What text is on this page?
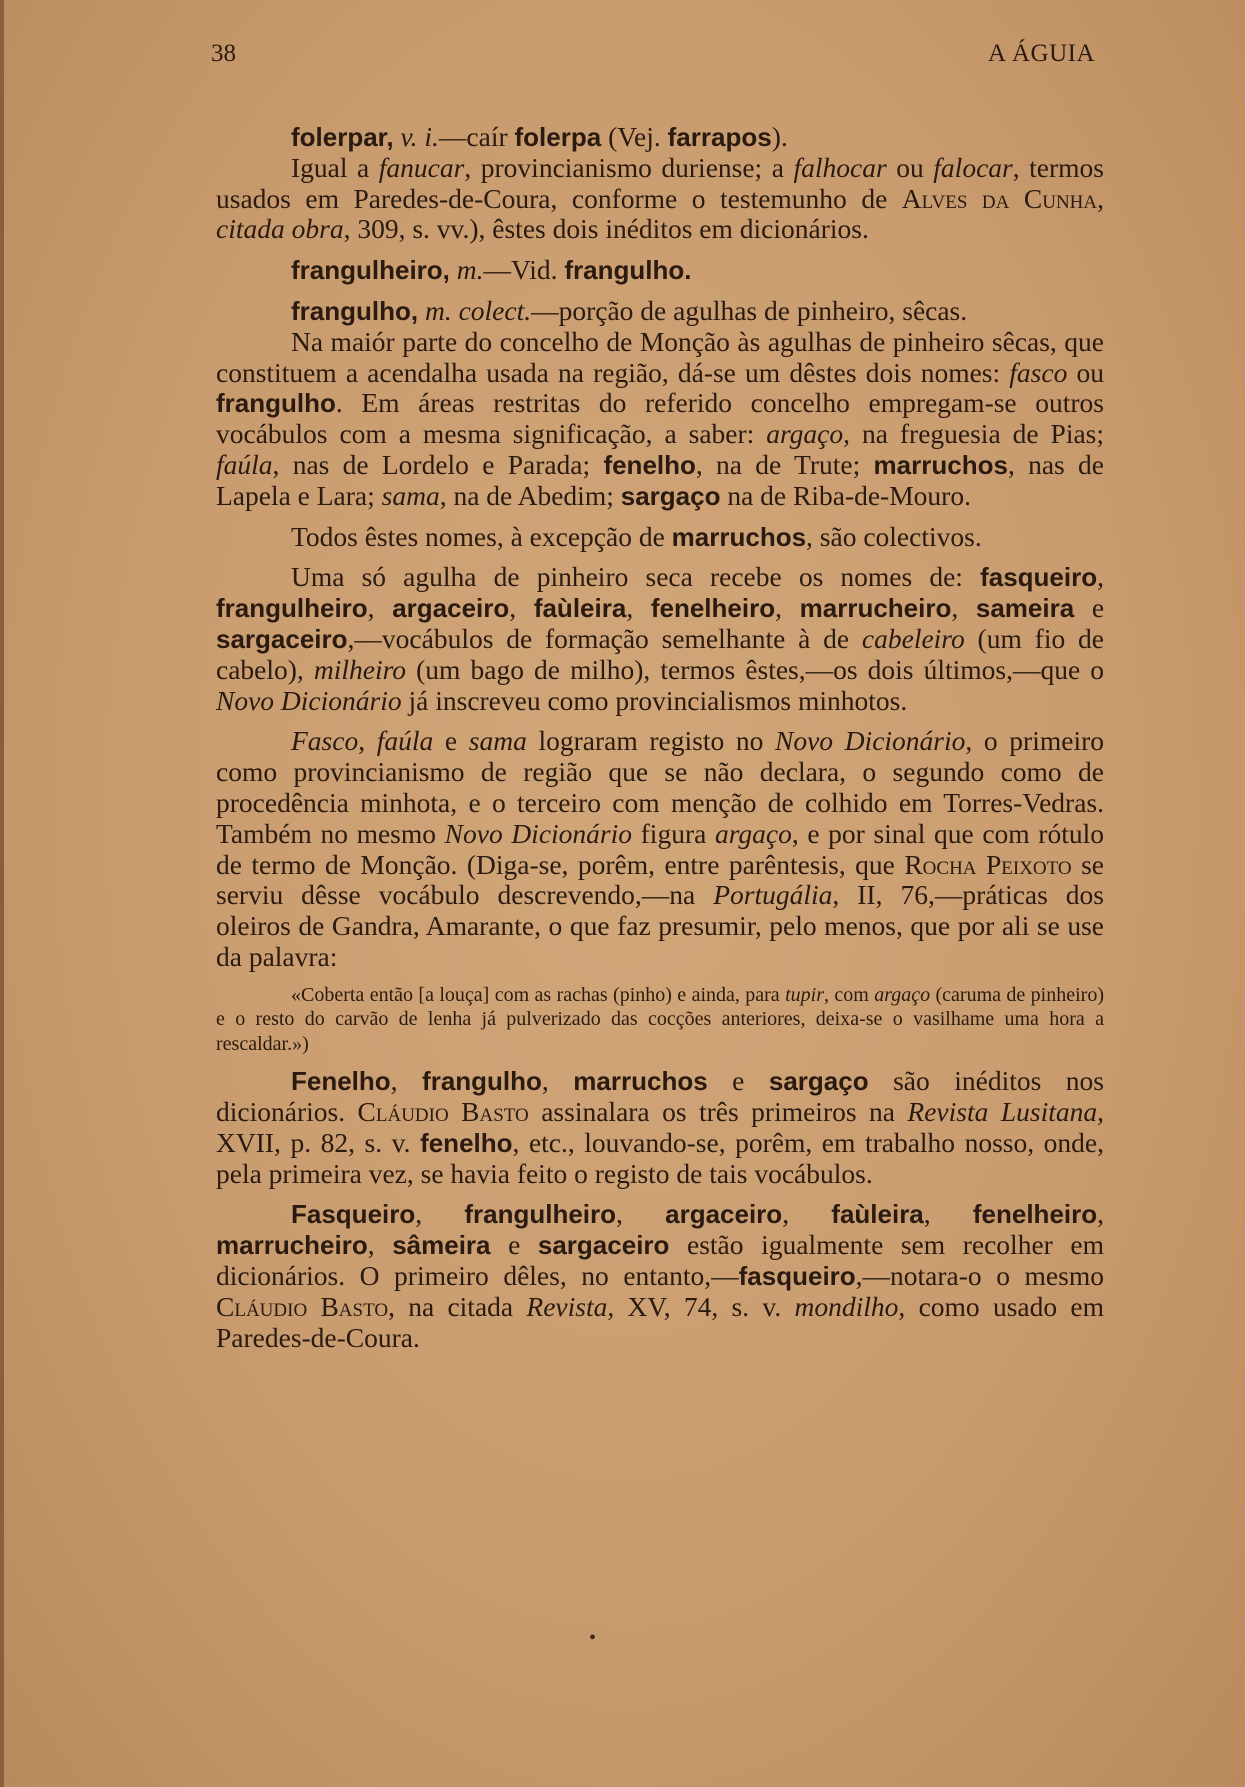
38	A ÁGUIA

folerpar, v. i.—caír folerpa (Vej. farrapos).

Igual a fanucar, provincianismo duriense; a falhocar ou falocar, termos usados em Paredes-de-Coura, conforme o testemunho de Alves da Cunha, citada obra, 309, s. vv.), êstes dois inéditos em dicionários.

frangulheiro, m.—Vid. frangulho.

frangulho, m. colect.—porção de agulhas de pinheiro, sêcas.

Na maiór parte do concelho de Monção às agulhas de pinheiro sêcas, que constituem a acendalha usada na região, dá-se um dêstes dois nomes: fasco ou frangulho. Em áreas restritas do referido concelho empregam-se outros vocábulos com a mesma significação, a saber: argaço, na freguesia de Pias; faúla, nas de Lordelo e Parada; fenelho, na de Trute; marruchos, nas de Lapela e Lara; sama, na de Abedim; sargaço na de Riba-de-Mouro.

Todos êstes nomes, à excepção de marruchos, são colectivos.

Uma só agulha de pinheiro seca recebe os nomes de: fasqueiro, frangulheiro, argaceiro, faùleira, fenelheiro, marrucheiro, sameira e sargaceiro,—vocábulos de formação semelhante à de cabeleiro (um fio de cabelo), milheiro (um bago de milho), termos êstes,—os dois últimos,—que o Novo Dicionário já inscreveu como provincialismos minhotos.

Fasco, faúla e sama lograram registo no Novo Dicionário, o primeiro como provincianismo de região que se não declara, o segundo como de procedência minhota, e o terceiro com menção de colhido em Torres-Vedras. Também no mesmo Novo Dicionário figura argaço, e por sinal que com rótulo de termo de Monção. (Diga-se, porêm, entre parêntesis, que Rocha Peixoto se serviu dêsse vocábulo descrevendo,—na Portugália, II, 76,—práticas dos oleiros de Gandra, Amarante, o que faz presumir, pelo menos, que por ali se use da palavra:

«Coberta então [a louça] com as rachas (pinho) e ainda, para tupir, com argaço (caruma de pinheiro) e o resto do carvão de lenha já pulverizado das cocções anteriores, deixa-se o vasilhame uma hora a rescaldar.»)

Fenelho, frangulho, marruchos e sargaço são inéditos nos dicionários. Cláudio Basto assinalara os três primeiros na Revista Lusitana, XVII, p. 82, s. v. fenelho, etc., louvando-se, porêm, em trabalho nosso, onde, pela primeira vez, se havia feito o registo de tais vocábulos.

Fasqueiro, frangulheiro, argaceiro, faùleira, fenelheiro, marrucheiro, sâmeira e sargaceiro estão igualmente sem recolher em dicionários. O primeiro dêles, no entanto,—fasqueiro,—notara-o o mesmo Cláudio Basto, na citada Revista, XV, 74, s. v. mondilho, como usado em Paredes-de-Coura.

•
